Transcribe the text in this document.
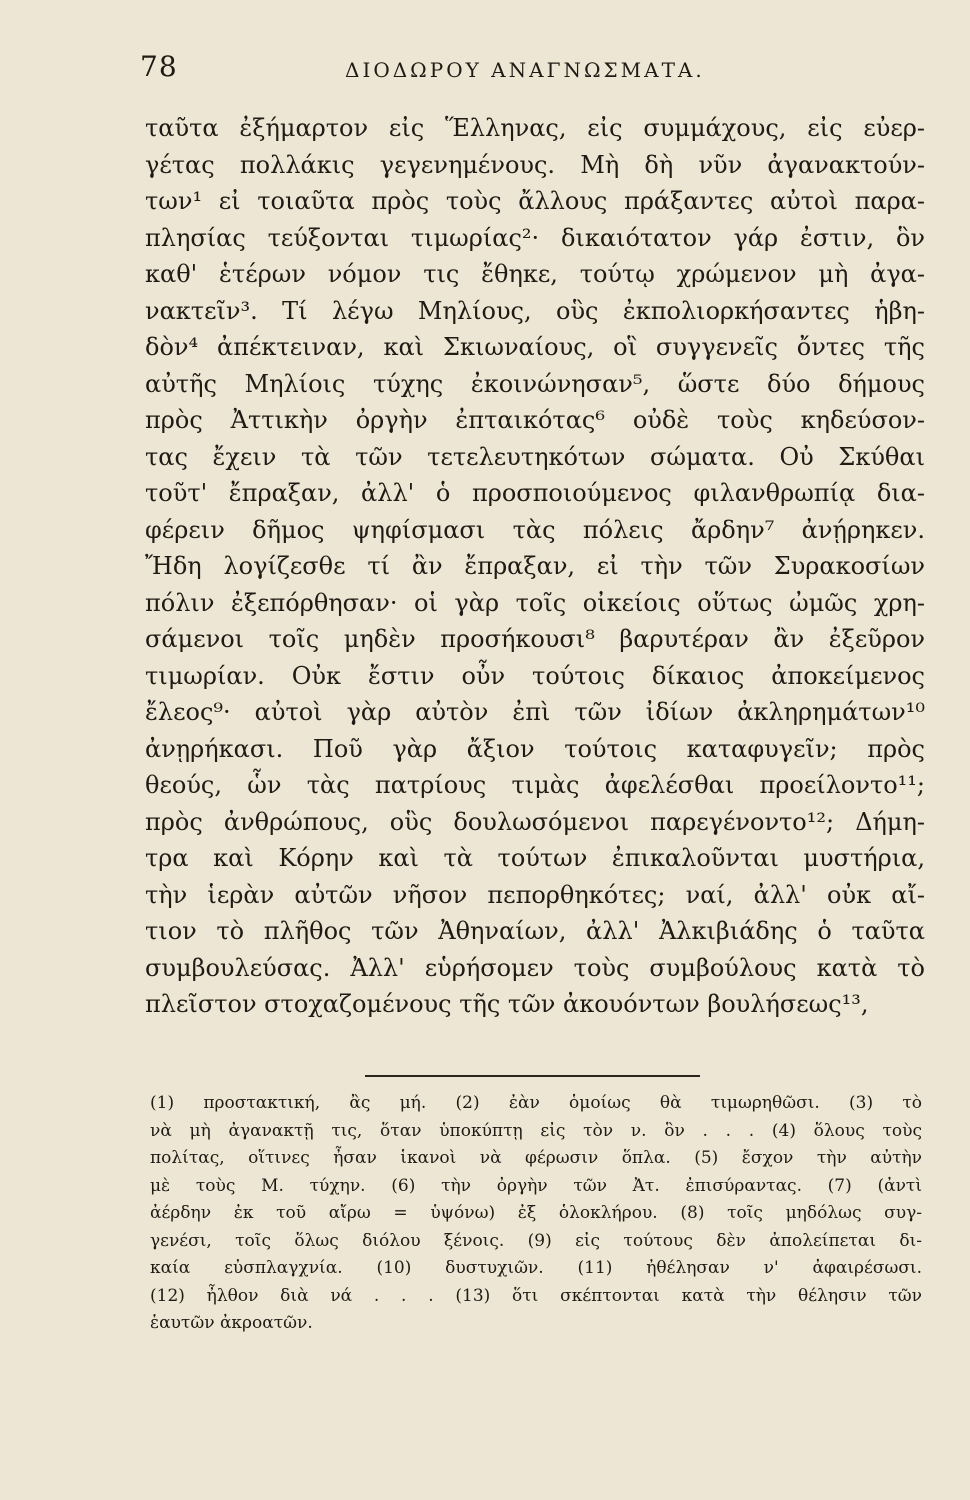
78	ΔΙΟΔΩΡΟΥ ΑΝΑΓΝΩΣΜΑΤΑ.
ταῦτα ἐξήμαρτον εἰς Ἕλληνας, εἰς συμμάχους, εἰς εὐερ-
γέτας πολλάκις γεγενημένους. Μὴ δὴ νῦν ἀγανακτούν-
των¹ εἰ τοιαῦτα πρὸς τοὺς ἄλλους πράξαντες αὐτοὶ παρα-
πλησίας τεύξονται τιμωρίας²· δικαιότατον γάρ ἐστιν, ὃν
καθ' ἑτέρων νόμον τις ἔθηκε, τούτῳ χρώμενον μὴ ἀγα-
νακτεῖν³. Τί λέγω Μηλίους, οὓς ἐκπολιορκήσαντες ἡβη-
δὸν⁴ ἀπέκτειναν, καὶ Σκιωναίους, οἳ συγγενεῖς ὄντες τῆς
αὐτῆς Μηλίοις τύχης ἐκοινώνησαν⁵, ὥστε δύο δήμους
πρὸς Ἀττικὴν ὀργὴν ἐπταικότας⁶ οὐδὲ τοὺς κηδεύσον-
τας ἔχειν τὰ τῶν τετελευτηκότων σώματα. Οὐ Σκύθαι
τοῦτ' ἔπραξαν, ἀλλ' ὁ προσποιούμενος φιλανθρωπίᾳ δια-
φέρειν δῆμος ψηφίσμασι τὰς πόλεις ἄρδην⁷ ἀνῄρηκεν.
Ἤδη λογίζεσθε τί ἂν ἔπραξαν, εἰ τὴν τῶν Συρακοσίων
πόλιν ἐξεπόρθησαν· οἱ γὰρ τοῖς οἰκείοις οὕτως ὠμῶς χρη-
σάμενοι τοῖς μηδὲν προσήκουσι⁸ βαρυτέραν ἂν ἐξεῦρον
τιμωρίαν. Οὐκ ἔστιν οὖν τούτοις δίκαιος ἀποκείμενος
ἔλεος⁹· αὐτοὶ γὰρ αὐτὸν ἐπὶ τῶν ἰδίων ἀκληρημάτων¹⁰
ἀνῃρήκασι. Ποῦ γὰρ ἄξιον τούτοις καταφυγεῖν; πρὸς
θεούς, ὧν τὰς πατρίους τιμὰς ἀφελέσθαι προείλοντο¹¹;
πρὸς ἀνθρώπους, οὓς δουλωσόμενοι παρεγένοντο¹²; Δήμη-
τρα καὶ Κόρην καὶ τὰ τούτων ἐπικαλοῦνται μυστήρια,
τὴν ἱερὰν αὐτῶν νῆσον πεπορθηκότες; ναί, ἀλλ' οὐκ αἴ-
τιον τὸ πλῆθος τῶν Ἀθηναίων, ἀλλ' Ἀλκιβιάδης ὁ ταῦτα
συμβουλεύσας. Ἀλλ' εὑρήσομεν τοὺς συμβούλους κατὰ τὸ
πλεῖστον στοχαζομένους τῆς τῶν ἀκουόντων βουλήσεως¹³,
(1) προστακτική, ἂς μή. (2) ἐὰν ὁμοίως θὰ τιμωρηθῶσι. (3) τὸ
νὰ μὴ ἀγανακτῇ τις, ὅταν ὑποκύπτῃ εἰς τὸν ν. ὃν . . . (4) ὅλους τοὺς
πολίτας, οἵτινες ἦσαν ἱκανοὶ νὰ φέρωσιν ὅπλα. (5) ἔσχον τὴν αὐτὴν
μὲ τοὺς Μ. τύχην. (6) τὴν ὀργὴν τῶν Ἀτ. ἐπισύραντας. (7) (ἀντὶ
ἀέρδην ἐκ τοῦ αἴρω = ὑψόνω) ἐξ ὁλοκλήρου. (8) τοῖς μηδόλως συγ-
γενέσι, τοῖς ὅλως διόλου ξένοις. (9) εἰς τούτους δὲν ἀπολείπεται δι-
καία εὐσπλαγχνία. (10) δυστυχιῶν. (11) ἠθέλησαν ν' ἀφαιρέσωσι.
(12) ἦλθον διὰ νά . . . (13) ὅτι σκέπτονται κατὰ τὴν θέλησιν τῶν
ἑαυτῶν ἀκροατῶν.
